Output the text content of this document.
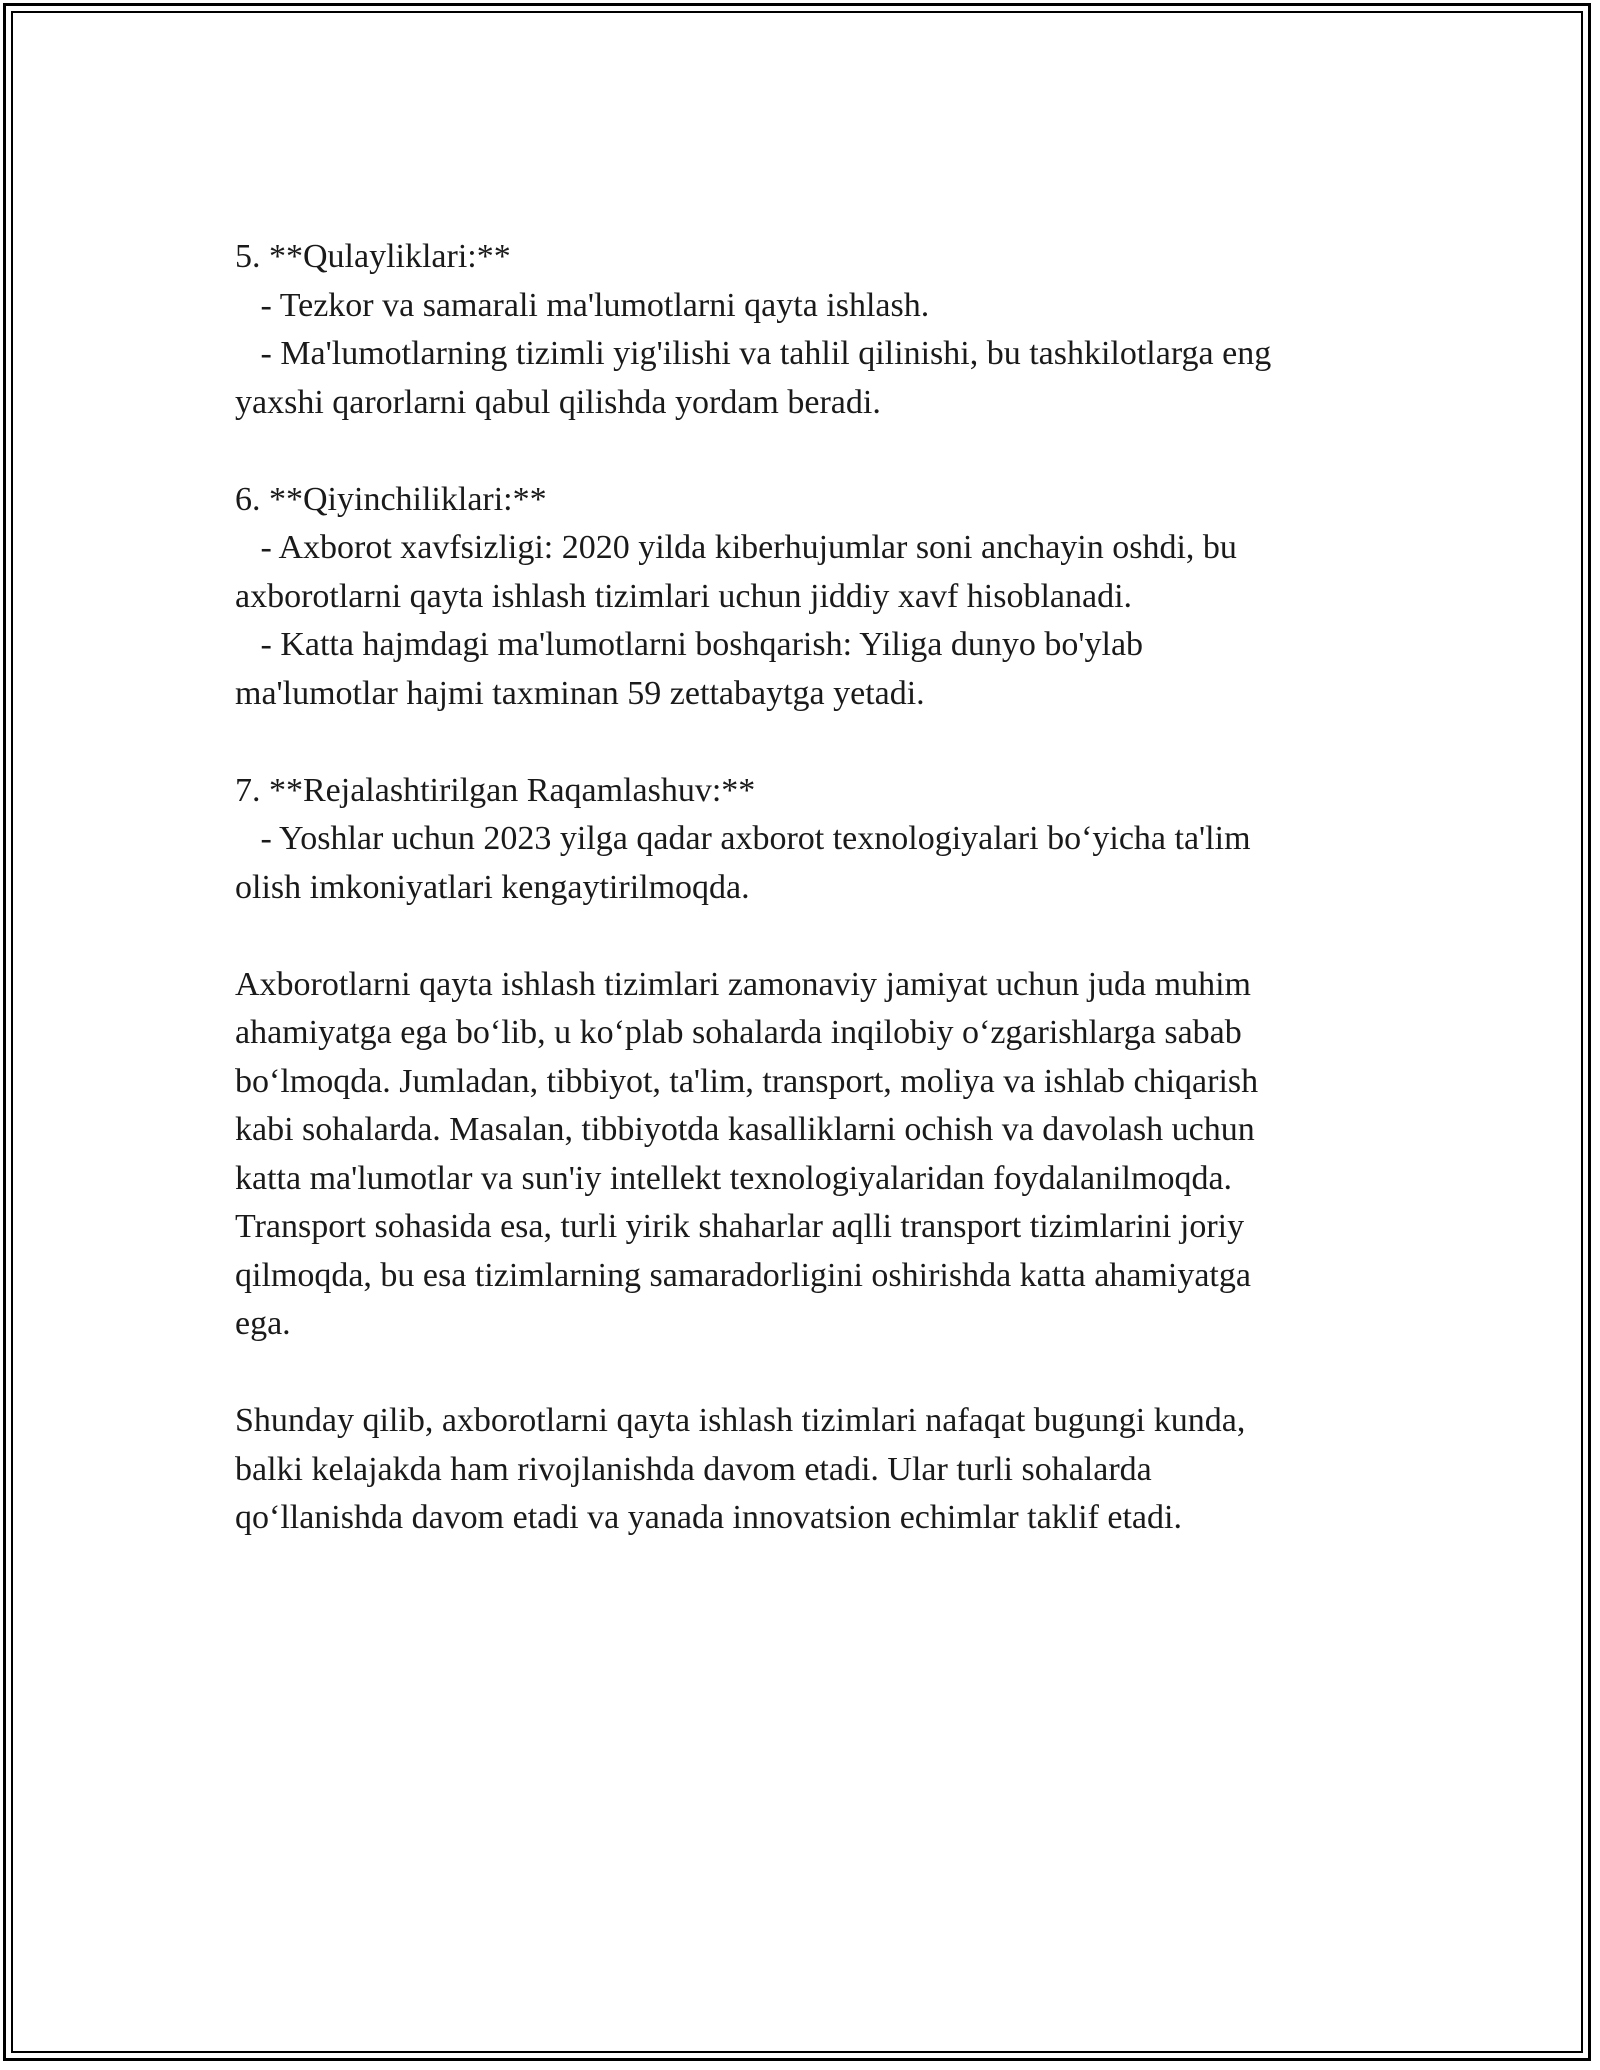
5. **Qulayliklari:**
- Tezkor va samarali ma'lumotlarni qayta ishlash.
- Ma'lumotlarning tizimli yig'ilishi va tahlil qilinishi, bu tashkilotlarga eng
yaxshi qarorlarni qabul qilishda yordam beradi.
6. **Qiyinchiliklari:**
- Axborot xavfsizligi: 2020 yilda kiberhujumlar soni anchayin oshdi, bu
axborotlarni qayta ishlash tizimlari uchun jiddiy xavf hisoblanadi.
- Katta hajmdagi ma'lumotlarni boshqarish: Yiliga dunyo bo'ylab
ma'lumotlar hajmi taxminan 59 zettabaytga yetadi.
7. **Rejalashtirilgan Raqamlashuv:**
- Yoshlar uchun 2023 yilga qadar axborot texnologiyalari bo‘yicha ta'lim
olish imkoniyatlari kengaytirilmoqda.
Axborotlarni qayta ishlash tizimlari zamonaviy jamiyat uchun juda muhim
ahamiyatga ega bo‘lib, u ko‘plab sohalarda inqilobiy o‘zgarishlarga sabab
bo‘lmoqda. Jumladan, tibbiyot, ta'lim, transport, moliya va ishlab chiqarish
kabi sohalarda. Masalan, tibbiyotda kasalliklarni ochish va davolash uchun
katta ma'lumotlar va sun'iy intellekt texnologiyalaridan foydalanilmoqda.
Transport sohasida esa, turli yirik shaharlar aqlli transport tizimlarini joriy
qilmoqda, bu esa tizimlarning samaradorligini oshirishda katta ahamiyatga
ega.
Shunday qilib, axborotlarni qayta ishlash tizimlari nafaqat bugungi kunda,
balki kelajakda ham rivojlanishda davom etadi. Ular turli sohalarda
qo‘llanishda davom etadi va yanada innovatsion echimlar taklif etadi.
